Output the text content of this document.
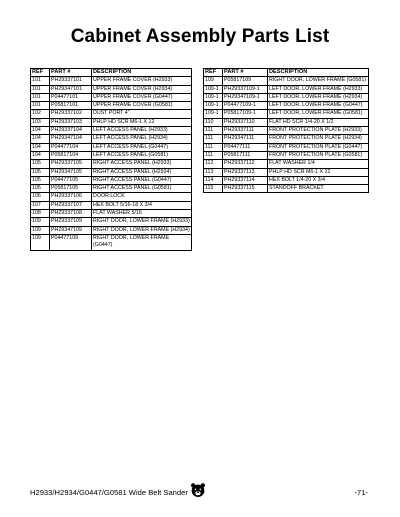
Cabinet Assembly Parts List
REF	PART #	DESCRIPTION
101	PH29337101	UPPER FRAME COVER (H2933)
101	PH29347101	UPPER FRAME COVER (H2934)
101	P04477101	UPPER FRAME COVER (G0447)
101	P05817101	UPPER FRAME COVER (G0581)
102	PH29337102	DUST PORT 4"
103	PH29337103	PHLP HD SCR M6-1 X 12
104	PH29337104	LEFT ACCESS PANEL (H2933)
104	PH29347104	LEFT ACCESS PANEL (H2934)
104	P04477104	LEFT ACCESS PANEL (G0447)
104	P05817104	LEFT ACCESS PANEL (G0581)
105	PH29337105	RIGHT ACCESS PANEL (H2933)
105	PH29347105	RIGHT ACCESS PANEL (H2934)
105	P04477105	RIGHT ACCESS PANEL (G0447)
105	P05817105	RIGHT ACCESS PANEL (G0581)
106	PH29337106	DOOR LOCK
107	PH29337107	HEX BOLT 5/16-18 X 3/4
108	PH29337108	FLAT WASHER 5/16
109	PH29337109	RIGHT DOOR, LOWER FRAME (H2933)
109	PH29347109	RIGHT DOOR, LOWER FRAME (H2934)
109	P04477109	RIGHT DOOR, LOWER FRAME (G0447)
REF	PART #	DESCRIPTION
109	P05817109	RIGHT DOOR, LOWER FRAME (G0581)
109-1	PH29337109-1	LEFT DOOR, LOWER FRAME (H2933)
109-1	PH29347109-1	LEFT DOOR, LOWER FRAME (H2934)
109-1	P04477109-1	LEFT DOOR, LOWER FRAME (G0447)
109-1	P05817109-1	LEFT DOOR, LOWER FRAME (G0581)
110	PH29337110	FLAT HD SCR 1/4-20 X 1/2
111	PH29337111	FRONT PROTECTION PLATE (H2933)
111	PH29347111	FRONT PROTECTION PLATE (H2934)
111	P04477111	FRONT PROTECTION PLATE (G0447)
111	P05817111	FRONT PROTECTION PLATE (G0581)
112	PH29337112	FLAT WASHER 1/4
113	PH29337113	PHLP HD SCR M6-1 X 12
114	PH29337114	HEX BOLT 1/4-20 X 3/4
115	PH29337115	STANDOFF BRACKET
H2933/H2934/G0447/G0581 Wide Belt Sander	-71-
